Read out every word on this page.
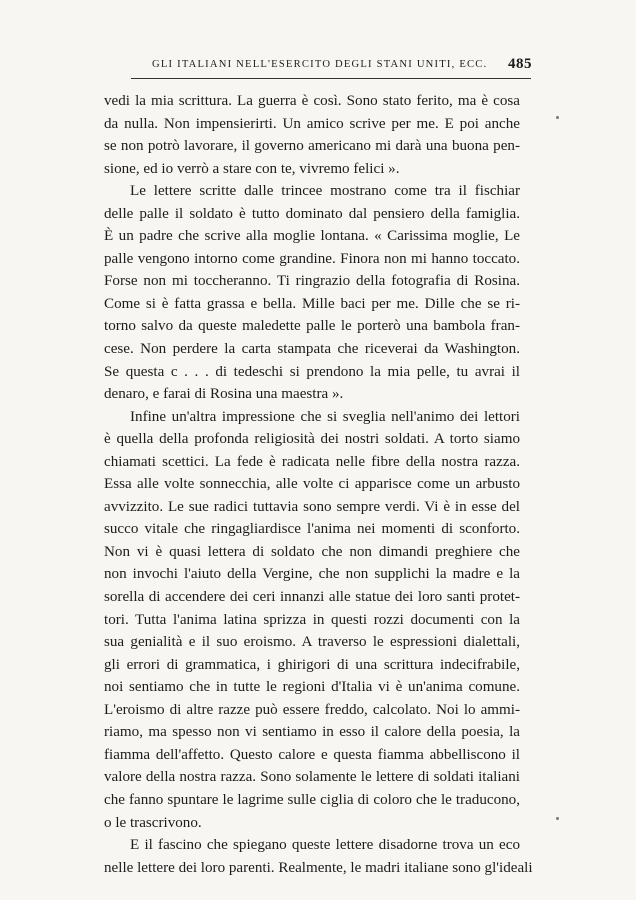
GLI ITALIANI NELL'ESERCITO DEGLI STANI UNITI, ECC. 485
vedi la mia scrittura. La guerra è così. Sono stato ferito, ma è cosa
da nulla. Non impensierirti. Un amico scrive per me. E poi anche
se non potrò lavorare, il governo americano mi darà una buona pen-
sione, ed io verrò a stare con te, vivremo felici ».
Le lettere scritte dalle trincee mostrano come tra il fischiar
delle palle il soldato è tutto dominato dal pensiero della famiglia.
È un padre che scrive alla moglie lontana. « Carissima moglie, Le
palle vengono intorno come grandine. Finora non mi hanno toccato.
Forse non mi toccheranno. Ti ringrazio della fotografia di Rosina.
Come si è fatta grassa e bella. Mille baci per me. Dille che se ri-
torno salvo da queste maledette palle le porterò una bambola fran-
cese. Non perdere la carta stampata che riceverai da Washington.
Se questa c . . . di tedeschi si prendono la mia pelle, tu avrai il
denaro, e farai di Rosina una maestra ».
Infine un'altra impressione che si sveglia nell'animo dei lettori
è quella della profonda religiosità dei nostri soldati. A torto siamo
chiamati scettici. La fede è radicata nelle fibre della nostra razza.
Essa alle volte sonnecchia, alle volte ci apparisce come un arbusto
avvizzito. Le sue radici tuttavia sono sempre verdi. Vi è in esse del
succo vitale che ringagliardisce l'anima nei momenti di sconforto.
Non vi è quasi lettera di soldato che non dimandi preghiere che
non invochi l'aiuto della Vergine, che non supplichi la madre e la
sorella di accendere dei ceri innanzi alle statue dei loro santi protet-
tori. Tutta l'anima latina sprizza in questi rozzi documenti con la
sua genialità e il suo eroismo. A traverso le espressioni dialettali,
gli errori di grammatica, i ghirigori di una scrittura indecifrabile,
noi sentiamo che in tutte le regioni d'Italia vi è un'anima comune.
L'eroismo di altre razze può essere freddo, calcolato. Noi lo ammi-
riamo, ma spesso non vi sentiamo in esso il calore della poesia, la
fiamma dell'affetto. Questo calore e questa fiamma abbelliscono il
valore della nostra razza. Sono solamente le lettere di soldati italiani
che fanno spuntare le lagrime sulle ciglia di coloro che le traducono,
o le trascrivono.
E il fascino che spiegano queste lettere disadorne trova un eco
nelle lettere dei loro parenti. Realmente, le madri italiane sono gl'ideali
